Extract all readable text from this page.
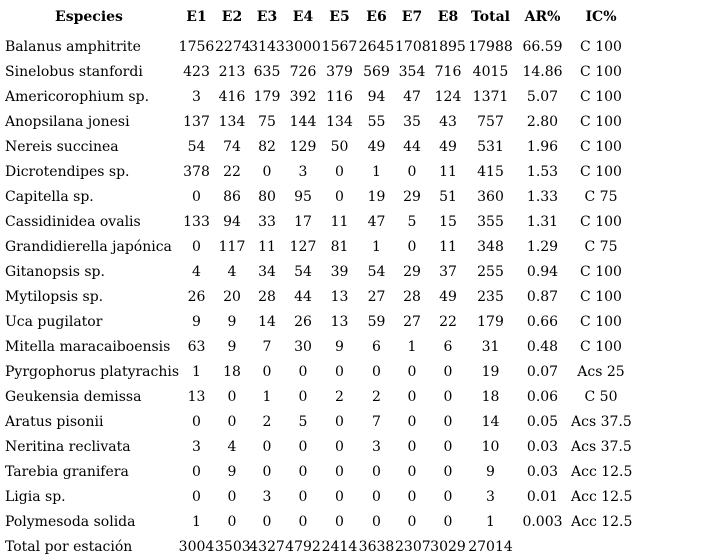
Especies	E1	E2	E3	E4	E5	E6	E7	E8	Total	AR%	IC%	
Balanus amphitrite	1756	2274	3143	3000	1567	2645	1708	1895	17988	66.59	C 100	
Sinelobus stanfordi	423	213	635	726	379	569	354	716	4015	14.86	C 100	
Americorophium sp.	3	416	179	392	116	94	47	124	1371	5.07	C 100	
Anopsilana jonesi	137	134	75	144	134	55	35	43	757	2.80	C 100	
Nereis succinea	54	74	82	129	50	49	44	49	531	1.96	C 100	
Dicrotendipes sp.	378	22	0	3	0	1	0	11	415	1.53	C 100	
Capitella sp.	0	86	80	95	0	19	29	51	360	1.33	C 75	
Cassidinidea ovalis	133	94	33	17	11	47	5	15	355	1.31	C 100	
Grandidierella japónica	0	117	11	127	81	1	0	11	348	1.29	C 75	
Gitanopsis sp.	4	4	34	54	39	54	29	37	255	0.94	C 100	
Mytilopsis sp.	26	20	28	44	13	27	28	49	235	0.87	C 100	
Uca pugilator	9	9	14	26	13	59	27	22	179	0.66	C 100	
Mitella maracaiboensis	63	9	7	30	9	6	1	6	31	0.48	C 100	
Pyrgophorus platyrachis	1	18	0	0	0	0	0	0	19	0.07	Acs 25	
Geukensia demissa	13	0	1	0	2	2	0	0	18	0.06	C 50	
Aratus pisonii	0	0	2	5	0	7	0	0	14	0.05	Acs 37.5	
Neritina reclivata	3	4	0	0	0	3	0	0	10	0.03	Acs 37.5	
Tarebia granifera	0	9	0	0	0	0	0	0	9	0.03	Acc 12.5	
Ligia sp.	0	0	3	0	0	0	0	0	3	0.01	Acc 12.5	
Polymesoda solida	1	0	0	0	0	0	0	0	1	0.003	Acc 12.5	
Total por estación	3004	3503	4327	4792	2414	3638	2307	3029	27014			
